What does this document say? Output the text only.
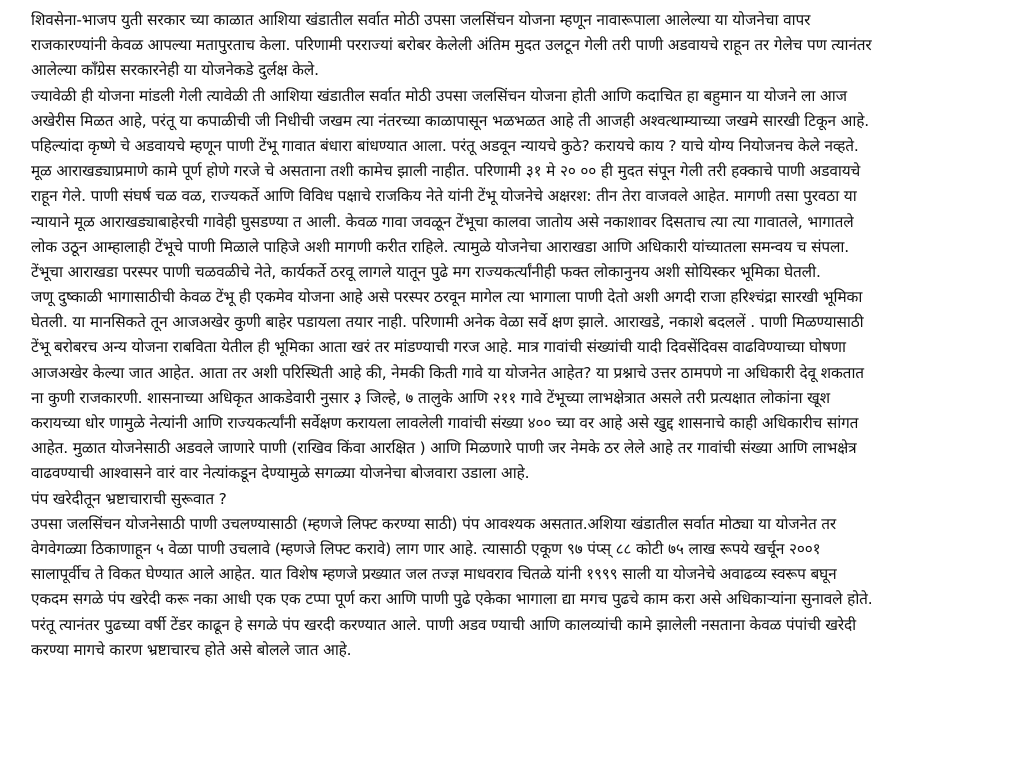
शिवसेना-भाजप युती सरकार च्या काळात आशिया खंडातील सर्वात मोठी उपसा जलसिंचन योजना म्हणून नावारूपाला आलेल्या या योजनेचा वापर
राजकारण्यांनी केवळ आपल्या मतापुरताच केला. परिणामी परराज्यां बरोबर केलेली अंतिम मुदत उलटून गेली तरी पाणी अडवायचे राहून तर गेलेच पण त्यानंतर
आलेल्या काँग्रेस सरकारनेही या योजनेकडे दुर्लक्ष केले.
ज्यावेळी ही योजना मांडली गेली त्यावेळी ती आशिया खंडातील सर्वात मोठी उपसा जलसिंचन योजना होती आणि कदाचित हा बहुमान या योजने ला आज
अखेरीस मिळत आहे, परंतू या कपाळीची जी निधीची जखम त्या नंतरच्या काळापासून भळभळत आहे ती आजही अश्वत्थाम्याच्या जखमे सारखी टिकून आहे.
पहिल्यांदा कृष्णे चे अडवायचे म्हणून पाणी टेंभू गावात बंधारा बांधण्यात आला. परंतू अडवून न्यायचे कुठे? करायचे काय ? याचे योग्य नियोजनच केले नव्हते.
मूळ आराखड्याप्रमाणे कामे पूर्ण होणे गरजे चे असताना तशी कामेच झाली नाहीत. परिणामी ३१ मे २० ०० ही मुदत संपून गेली तरी हक्काचे पाणी अडवायचे
राहून गेले. पाणी संघर्ष चळ वळ, राज्यकर्ते आणि विविध पक्षाचे राजकिय नेते यांनी टेंभू योजनेचे अक्षरश: तीन तेरा वाजवले आहेत. मागणी तसा पुरवठा या
न्यायाने मूळ आराखड्याबाहेरची गावेही घुसडण्या त आली. केवळ गावा जवळून टेंभूचा कालवा जातोय असे नकाशावर दिसताच त्या त्या गावातले, भागातले
लोक उठून आम्हालाही टेंभूचे पाणी मिळाले पाहिजे अशी मागणी करीत राहिले. त्यामुळे योजनेचा आराखडा आणि अधिकारी यांच्यातला समन्वय च संपला.
टेंभूचा आराखडा परस्पर पाणी चळवळीचे नेते, कार्यकर्ते ठरवू लागले यातून पुढे मग राज्यकर्त्यांनीही फक्त लोकानुनय अशी सोयिस्कर भूमिका घेतली.
जणू दुष्काळी भागासाठीची केवळ टेंभू ही एकमेव योजना आहे असे परस्पर ठरवून मागेल त्या भागाला पाणी देतो अशी अगदी राजा हरिश्चंद्रा सारखी भूमिका
घेतली. या मानसिकते तून आजअखेर कुणी बाहेर पडायला तयार नाही. परिणामी अनेक वेळा सर्वे क्षण झाले. आराखडे, नकाशे बदललें . पाणी मिळण्यासाठी
टेंभू बरोबरच अन्य योजना राबविता येतील ही भूमिका आता खरं तर मांडण्याची गरज आहे. मात्र गावांची संख्यांची यादी दिवसेंदिवस वाढविण्याच्या घोषणा
आजअखेर केल्या जात आहेत. आता तर अशी परिस्थिती आहे की, नेमकी किती गावे या योजनेत आहेत? या प्रश्नाचे उत्तर ठामपणे ना अधिकारी देवू शकतात
ना कुणी राजकारणी. शासनाच्या अधिकृत आकडेवारी नुसार ३ जिल्हे, ७ तालुके आणि २११ गावे टेंभूच्या लाभक्षेत्रात असले तरी प्रत्यक्षात लोकांना खूश
करायच्या धोर णामुळे नेत्यांनी आणि राज्यकर्त्यांनी सर्वेक्षण करायला लावलेली गावांची संख्या ४०० च्या वर आहे असे खुद्द शासनाचे काही अधिकारीच सांगत
आहेत. मुळात योजनेसाठी अडवले जाणारे पाणी (राखिव किंवा आरक्षित ) आणि मिळणारे पाणी जर नेमके ठर लेले आहे तर गावांची संख्या आणि लाभक्षेत्र
वाढवण्याची आश्वासने वारं वार नेत्यांकडून देण्यामुळे सगळ्या योजनेचा बोजवारा उडाला आहे.
पंप खरेदीतून भ्रष्टाचाराची सुरूवात ?
उपसा जलसिंचन योजनेसाठी पाणी उचलण्यासाठी (म्हणजे लिफ्ट करण्या साठी) पंप आवश्यक असतात.अशिया खंडातील सर्वात मोठ्या या योजनेत तर
वेगवेगळ्या ठिकाणाहून ५ वेळा पाणी उचलावे (म्हणजे लिफ्ट करावे) लाग णार आहे. त्यासाठी एकूण ९७ पंप्स् ८८ कोटी ७५ लाख रूपये खर्चून २००१
सालापूर्वीच ते विकत घेण्यात आले आहेत. यात विशेष म्हणजे प्रख्यात जल तज्ज्ञ माधवराव चितळे यांनी १९९९ साली या योजनेचे अवाढव्य स्वरूप बघून
एकदम सगळे पंप खरेदी करू नका आधी एक एक टप्पा पूर्ण करा आणि पाणी पुढे एकेका भागाला द्या मगच पुढचे काम करा असे अधिकाऱ्यांना सुनावले होते.
परंतू त्यानंतर पुढच्या वर्षी टेंडर काढून हे सगळे पंप खरदी करण्यात आले. पाणी अडव ण्याची आणि कालव्यांची कामे झालेली नसताना केवळ पंपांची खरेदी
करण्या मागचे कारण भ्रष्टाचारच होते असे बोलले जात आहे.
